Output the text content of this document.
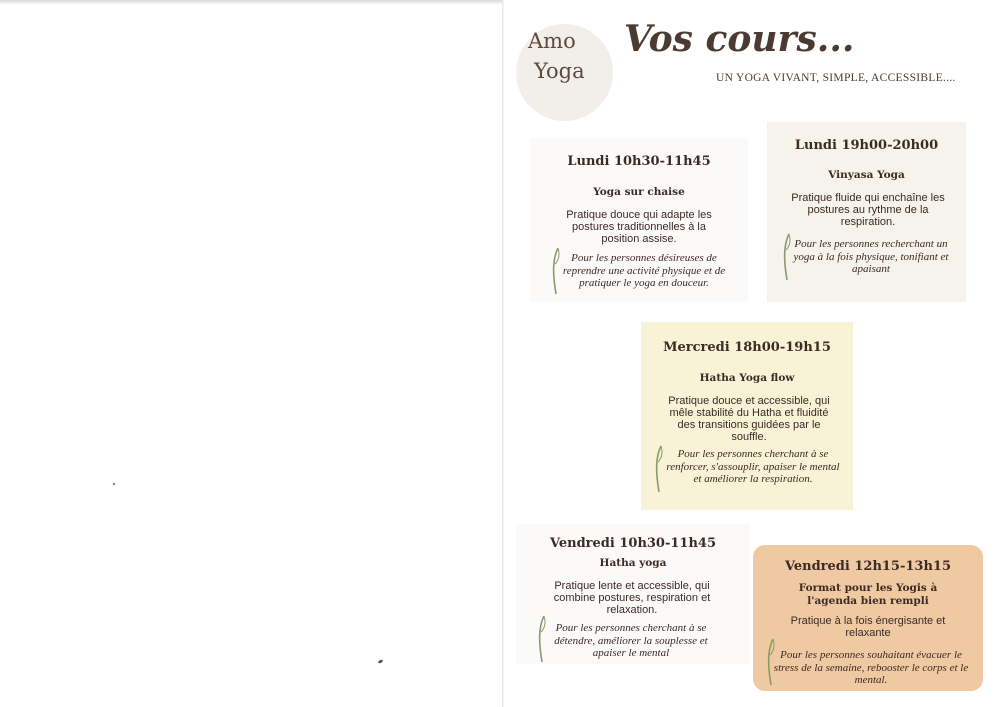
Amo
Yoga
Vos cours...
UN YOGA VIVANT, SIMPLE, ACCESSIBLE....
Lundi 10h30-11h45
Yoga sur chaise
Pratique douce qui adapte les postures traditionnelles à la position assise.
Pour les personnes désireuses de reprendre une activité physique et de pratiquer le yoga en douceur.
Lundi 19h00-20h00
Vinyasa Yoga
Pratique fluide qui enchaîne les postures au rythme de la respiration.
Pour les personnes recherchant un yoga à la fois physique, tonifiant et apaisant
Mercredi 18h00-19h15
Hatha Yoga flow
Pratique douce et accessible, qui mêle stabilité du Hatha et fluidité des transitions guidées par le souffle.
Pour les personnes cherchant à se renforcer, s'assouplir, apaiser le mental et améliorer la respiration.
Vendredi 10h30-11h45
Hatha yoga
Pratique lente et accessible, qui combine postures, respiration et relaxation.
Pour les personnes cherchant à se détendre, améliorer la souplesse et apaiser le mental
Vendredi 12h15-13h15
Format pour les Yogis à l'agenda bien rempli
Pratique à la fois énergisante et relaxante
Pour les personnes souhaitant évacuer le stress de la semaine, rebooster le corps et le mental.
